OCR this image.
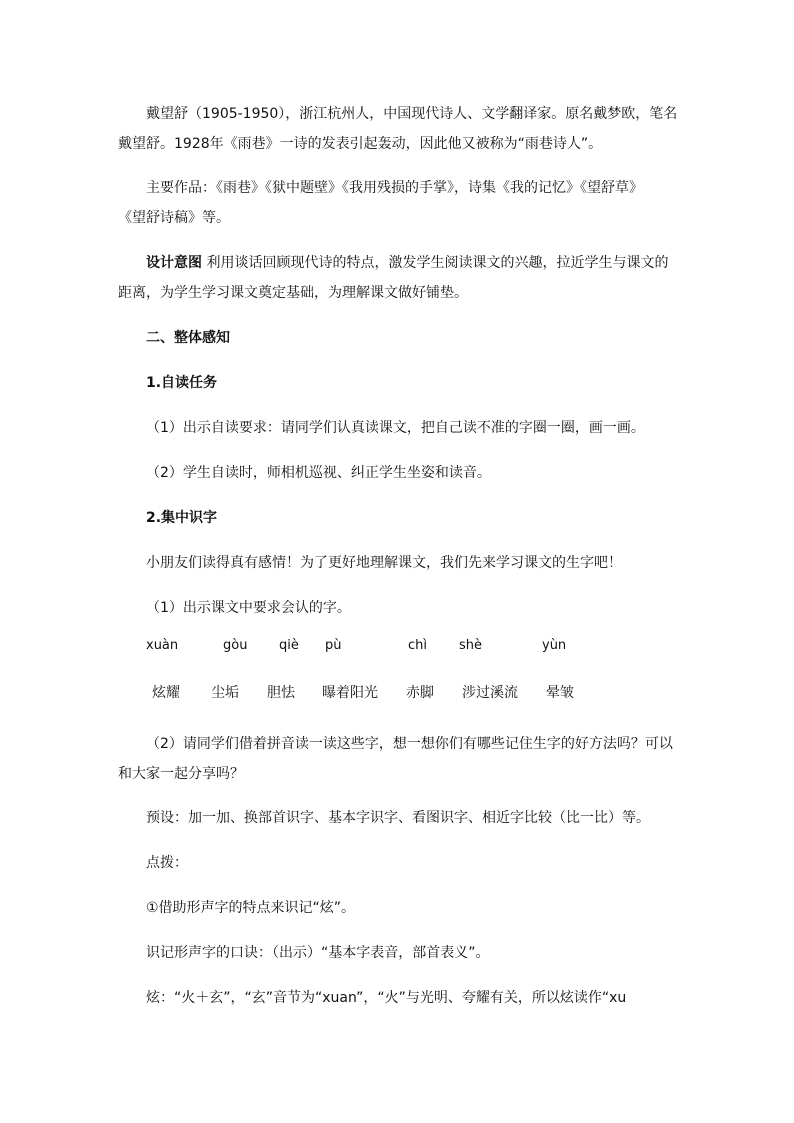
戴望舒（1905-1950），浙江杭州人，中国现代诗人、文学翻译家。原名戴梦欧，笔名
戴望舒。1928年《雨巷》一诗的发表引起轰动，因此他又被称为“雨巷诗人”。
主要作品：《雨巷》《狱中题壁》《我用残损的手掌》，诗集《我的记忆》《望舒草》
《望舒诗稿》等。
设计意图 利用谈话回顾现代诗的特点，激发学生阅读课文的兴趣，拉近学生与课文的
距离，为学生学习课文奠定基础，为理解课文做好铺垫。
二、整体感知
1.自读任务
（1）出示自读要求：请同学们认真读课文，把自己读不准的字圈一圈，画一画。
（2）学生自读时，师相机巡视、纠正学生坐姿和读音。
2.集中识字
小朋友们读得真有感情！为了更好地理解课文，我们先来学习课文的生字吧！
（1）出示课文中要求会认的字。
xuàn	gòu qiè pù	chì shè	yùn
炫耀 尘垢 胆怯 曝着阳光 赤脚 涉过溪流 晕皱
（2）请同学们借着拼音读一读这些字，想一想你们有哪些记住生字的好方法吗？可以
和大家一起分享吗？
预设：加一加、换部首识字、基本字识字、看图识字、相近字比较（比一比）等。
点拨：
①借助形声字的特点来识记“炫”。
识记形声字的口诀：（出示）“基本字表音，部首表义”。
炫：“火＋玄”，“玄”音节为“xuan”，“火”与光明、夸耀有关，所以炫读作“xu
